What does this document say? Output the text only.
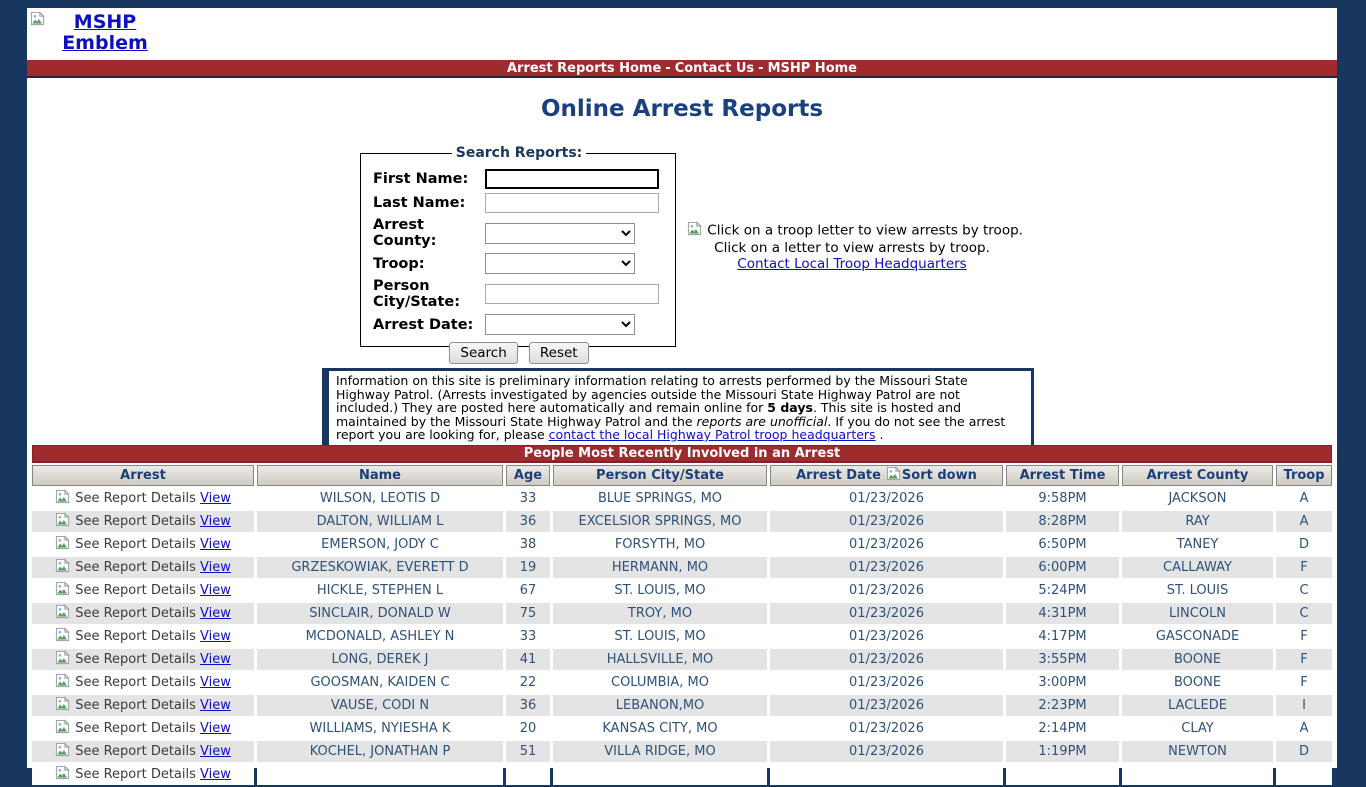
MSHP Emblem
Arrest Reports Home - Contact Us - MSHP Home
Online Arrest Reports
Search Reports:
First Name:
Last Name:
Arrest County:
Troop:
Person City/State:
Arrest Date:
Search Reset
Click on a troop letter to view arrests by troop.
Click on a letter to view arrests by troop.
Contact Local Troop Headquarters
Information on this site is preliminary information relating to arrests performed by the Missouri State Highway Patrol. (Arrests investigated by agencies outside the Missouri State Highway Patrol are not included.) They are posted here automatically and remain online for 5 days. This site is hosted and maintained by the Missouri State Highway Patrol and the reports are unofficial. If you do not see the arrest report you are looking for, please contact the local Highway Patrol troop headquarters .
People Most Recently Involved in an Arrest							
Arrest	Name	Age	Person City/State	Arrest Date Sort down	Arrest Time	Arrest County	Troop
See Report Details View	WILSON, LEOTIS D	33	BLUE SPRINGS, MO	01/23/2026	9:58PM	JACKSON	A
See Report Details View	DALTON, WILLIAM L	36	EXCELSIOR SPRINGS, MO	01/23/2026	8:28PM	RAY	A
See Report Details View	EMERSON, JODY C	38	FORSYTH, MO	01/23/2026	6:50PM	TANEY	D
See Report Details View	GRZESKOWIAK, EVERETT D	19	HERMANN, MO	01/23/2026	6:00PM	CALLAWAY	F
See Report Details View	HICKLE, STEPHEN L	67	ST. LOUIS, MO	01/23/2026	5:24PM	ST. LOUIS	C
See Report Details View	SINCLAIR, DONALD W	75	TROY, MO	01/23/2026	4:31PM	LINCOLN	C
See Report Details View	MCDONALD, ASHLEY N	33	ST. LOUIS, MO	01/23/2026	4:17PM	GASCONADE	F
See Report Details View	LONG, DEREK J	41	HALLSVILLE, MO	01/23/2026	3:55PM	BOONE	F
See Report Details View	GOOSMAN, KAIDEN C	22	COLUMBIA, MO	01/23/2026	3:00PM	BOONE	F
See Report Details View	VAUSE, CODI N	36	LEBANON,MO	01/23/2026	2:23PM	LACLEDE	I
See Report Details View	WILLIAMS, NYIESHA K	20	KANSAS CITY, MO	01/23/2026	2:14PM	CLAY	A
See Report Details View	KOCHEL, JONATHAN P	51	VILLA RIDGE, MO	01/23/2026	1:19PM	NEWTON	D
See Report Details View							
